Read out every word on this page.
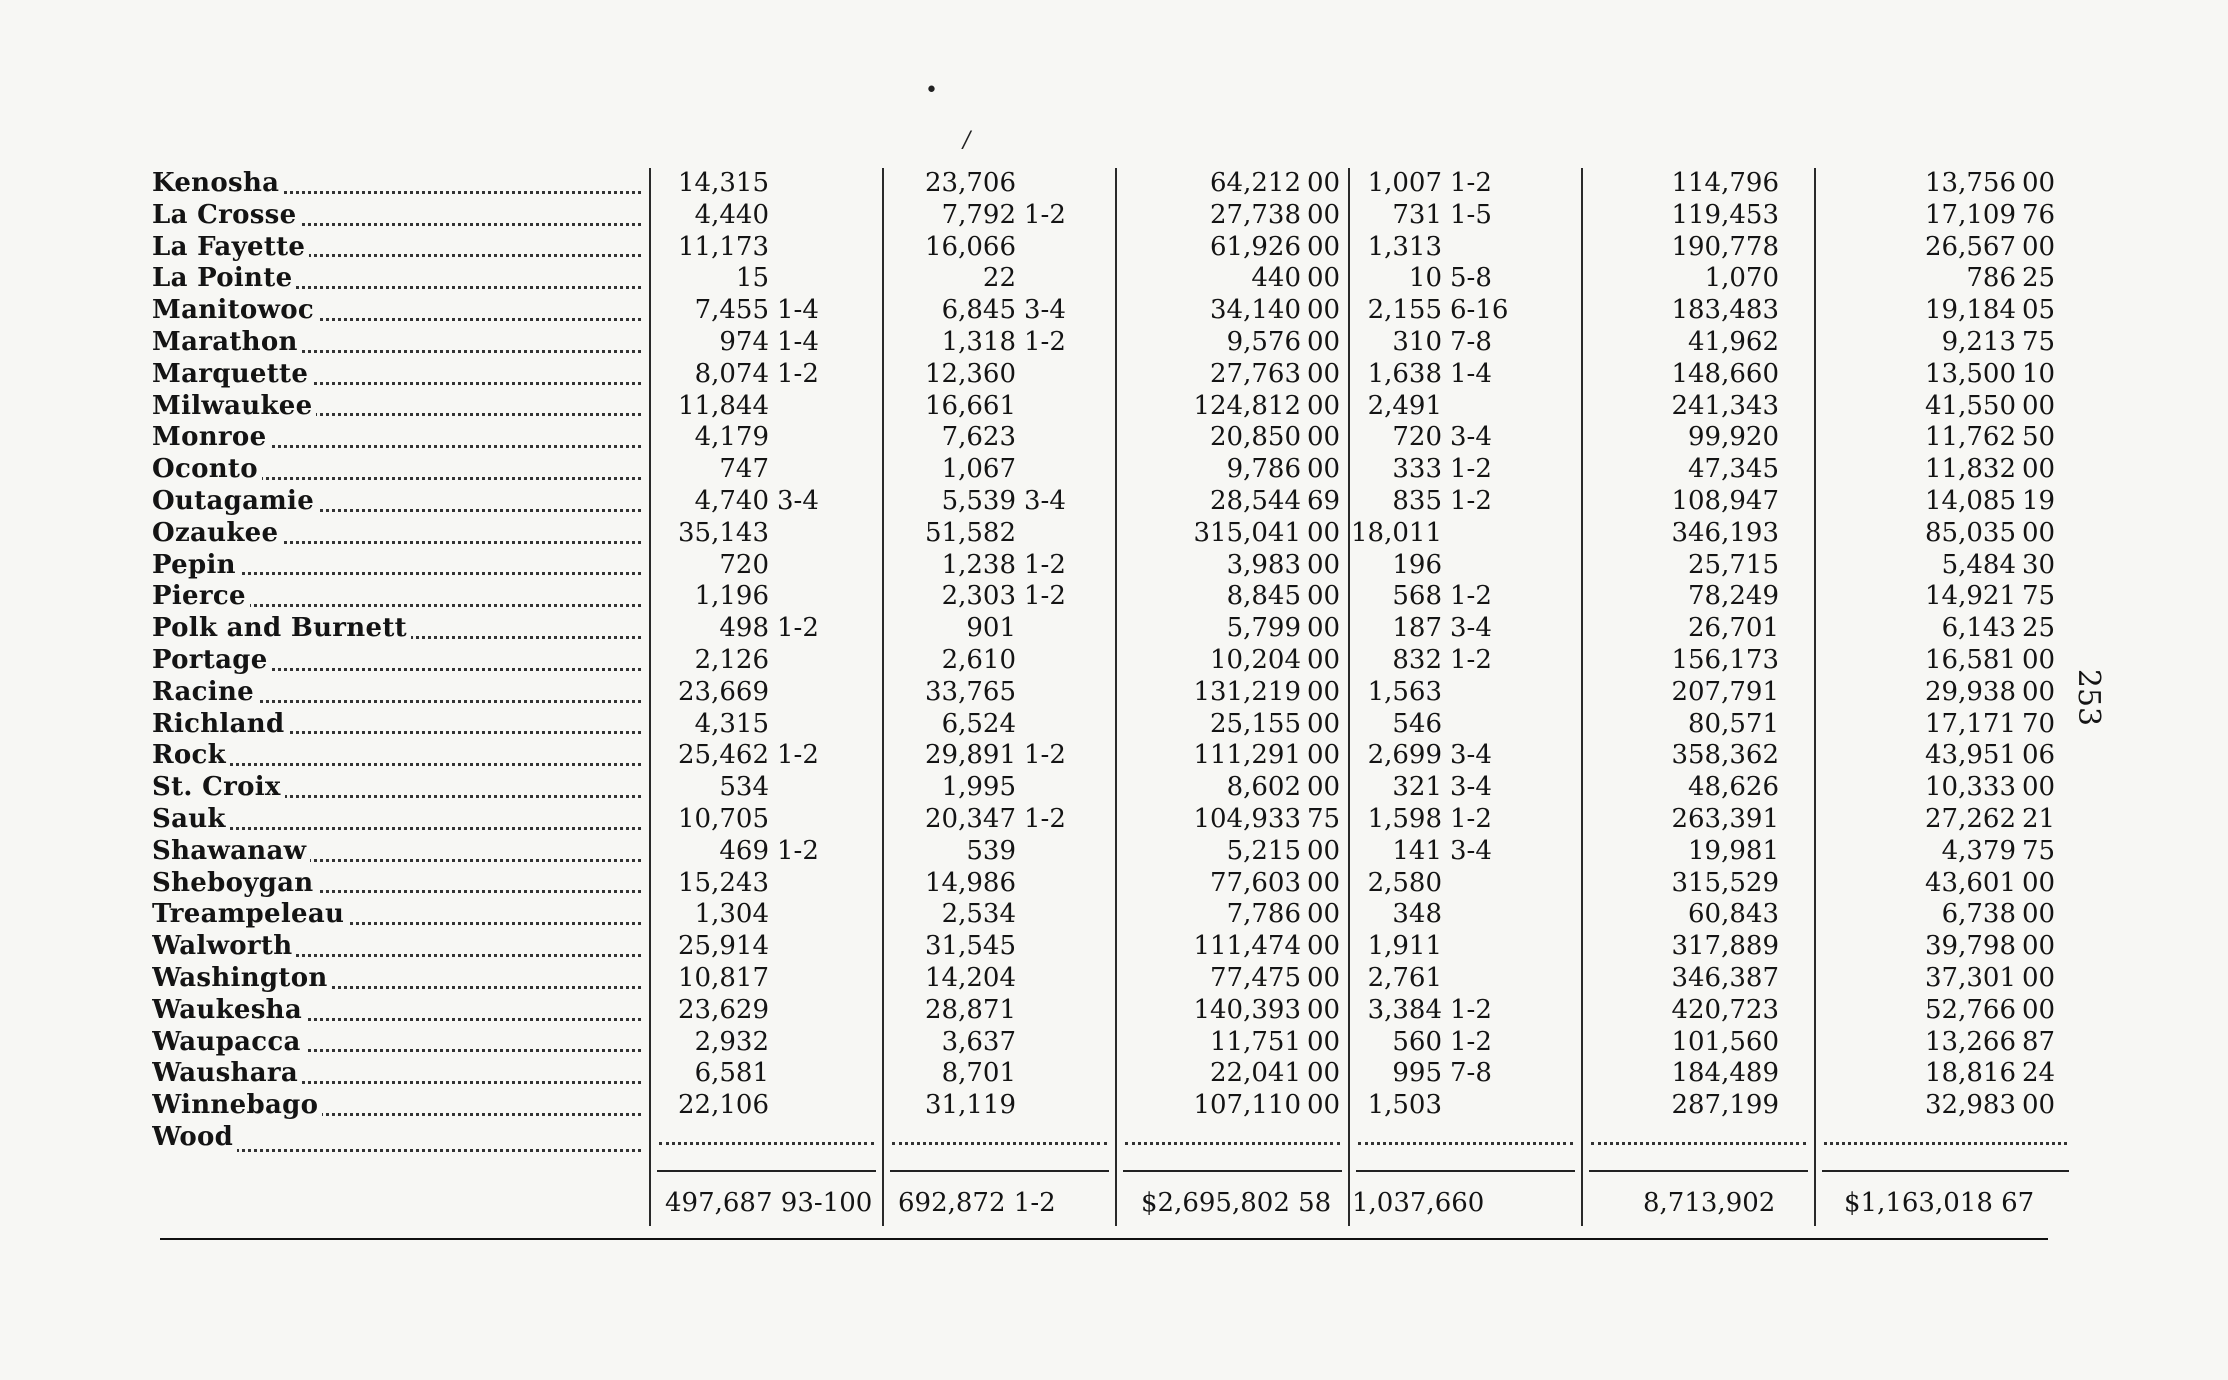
•
/
Kenosha	14,315	23,706	64,212 00	1,007 1-2	114,796	13,756 00

La Crosse	4,440	7,792 1-2	27,738 00	731 1-5	119,453	17,109 76

La Fayette	11,173	16,066	61,926 00	1,313	190,778	26,567 00

La Pointe	15	22	440 00	10 5-8	1,070	786 25

Manitowoc	7,455 1-4	6,845 3-4	34,140 00	2,155 6-16	183,483	19,184 05

Marathon	974 1-4	1,318 1-2	9,576 00	310 7-8	41,962	9,213 75

Marquette	8,074 1-2	12,360	27,763 00	1,638 1-4	148,660	13,500 10

Milwaukee	11,844	16,661	124,812 00	2,491	241,343	41,550 00

Monroe	4,179	7,623	20,850 00	720 3-4	99,920	11,762 50

Oconto	747	1,067	9,786 00	333 1-2	47,345	11,832 00

Outagamie	4,740 3-4	5,539 3-4	28,544 69	835 1-2	108,947	14,085 19

Ozaukee	35,143	51,582	315,041 00	18,011	346,193	85,035 00

Pepin	720	1,238 1-2	3,983 00	196	25,715	5,484 30

Pierce	1,196	2,303 1-2	8,845 00	568 1-2	78,249	14,921 75

Polk and Burnett	498 1-2	901	5,799 00	187 3-4	26,701	6,143 25

Portage	2,126	2,610	10,204 00	832 1-2	156,173	16,581 00

Racine	23,669	33,765	131,219 00	1,563	207,791	29,938 00

Richland	4,315	6,524	25,155 00	546	80,571	17,171 70

Rock	25,462 1-2	29,891 1-2	111,291 00	2,699 3-4	358,362	43,951 06

St. Croix	534	1,995	8,602 00	321 3-4	48,626	10,333 00

Sauk	10,705	20,347 1-2	104,933 75	1,598 1-2	263,391	27,262 21

Shawanaw	469 1-2	539	5,215 00	141 3-4	19,981	4,379 75

Sheboygan	15,243	14,986	77,603 00	2,580	315,529	43,601 00

Treampeleau	1,304	2,534	7,786 00	348	60,843	6,738 00

Walworth	25,914	31,545	111,474 00	1,911	317,889	39,798 00

Washington	10,817	14,204	77,475 00	2,761	346,387	37,301 00

Waukesha	23,629	28,871	140,393 00	3,384 1-2	420,723	52,766 00

Waupacca	2,932	3,637	11,751 00	560 1-2	101,560	13,266 87

Waushara	6,581	8,701	22,041 00	995 7-8	184,489	18,816 24

Winnebago	22,106	31,119	107,110 00	1,503	287,199	32,983 00

Wood	

	497,687 93-100	692,872 1-2	$2,695,802 58	1,037,660	8,713,902	$1,163,018 67
253
